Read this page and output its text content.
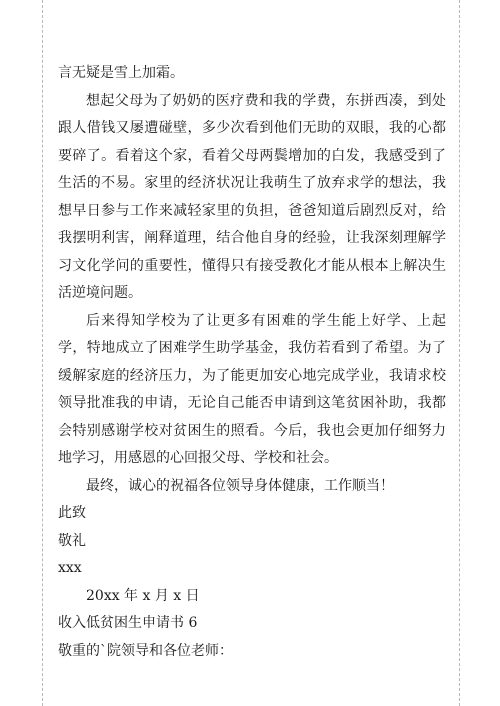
言无疑是雪上加霜。

想起父母为了奶奶的医疗费和我的学费，东拼西凑，到处跟人借钱又屡遭碰壁，多少次看到他们无助的双眼，我的心都要碎了。看着这个家，看着父母两鬓增加的白发，我感受到了生活的不易。家里的经济状况让我萌生了放弃求学的想法，我想早日参与工作来减轻家里的负担，爸爸知道后剧烈反对，给我摆明利害，阐释道理，结合他自身的经验，让我深刻理解学习文化学问的重要性，懂得只有接受教化才能从根本上解决生活逆境问题。

后来得知学校为了让更多有困难的学生能上好学、上起学，特地成立了困难学生助学基金，我仿若看到了希望。为了缓解家庭的经济压力，为了能更加安心地完成学业，我请求校领导批准我的申请，无论自己能否申请到这笔贫困补助，我都会特别感谢学校对贫困生的照看。今后，我也会更加仔细努力地学习，用感恩的心回报父母、学校和社会。

最终，诚心的祝福各位领导身体健康，工作顺当！

此致

敬礼

xxx

20xx 年 x 月 x 日

收入低贫困生申请书 6

敬重的`院领导和各位老师：
